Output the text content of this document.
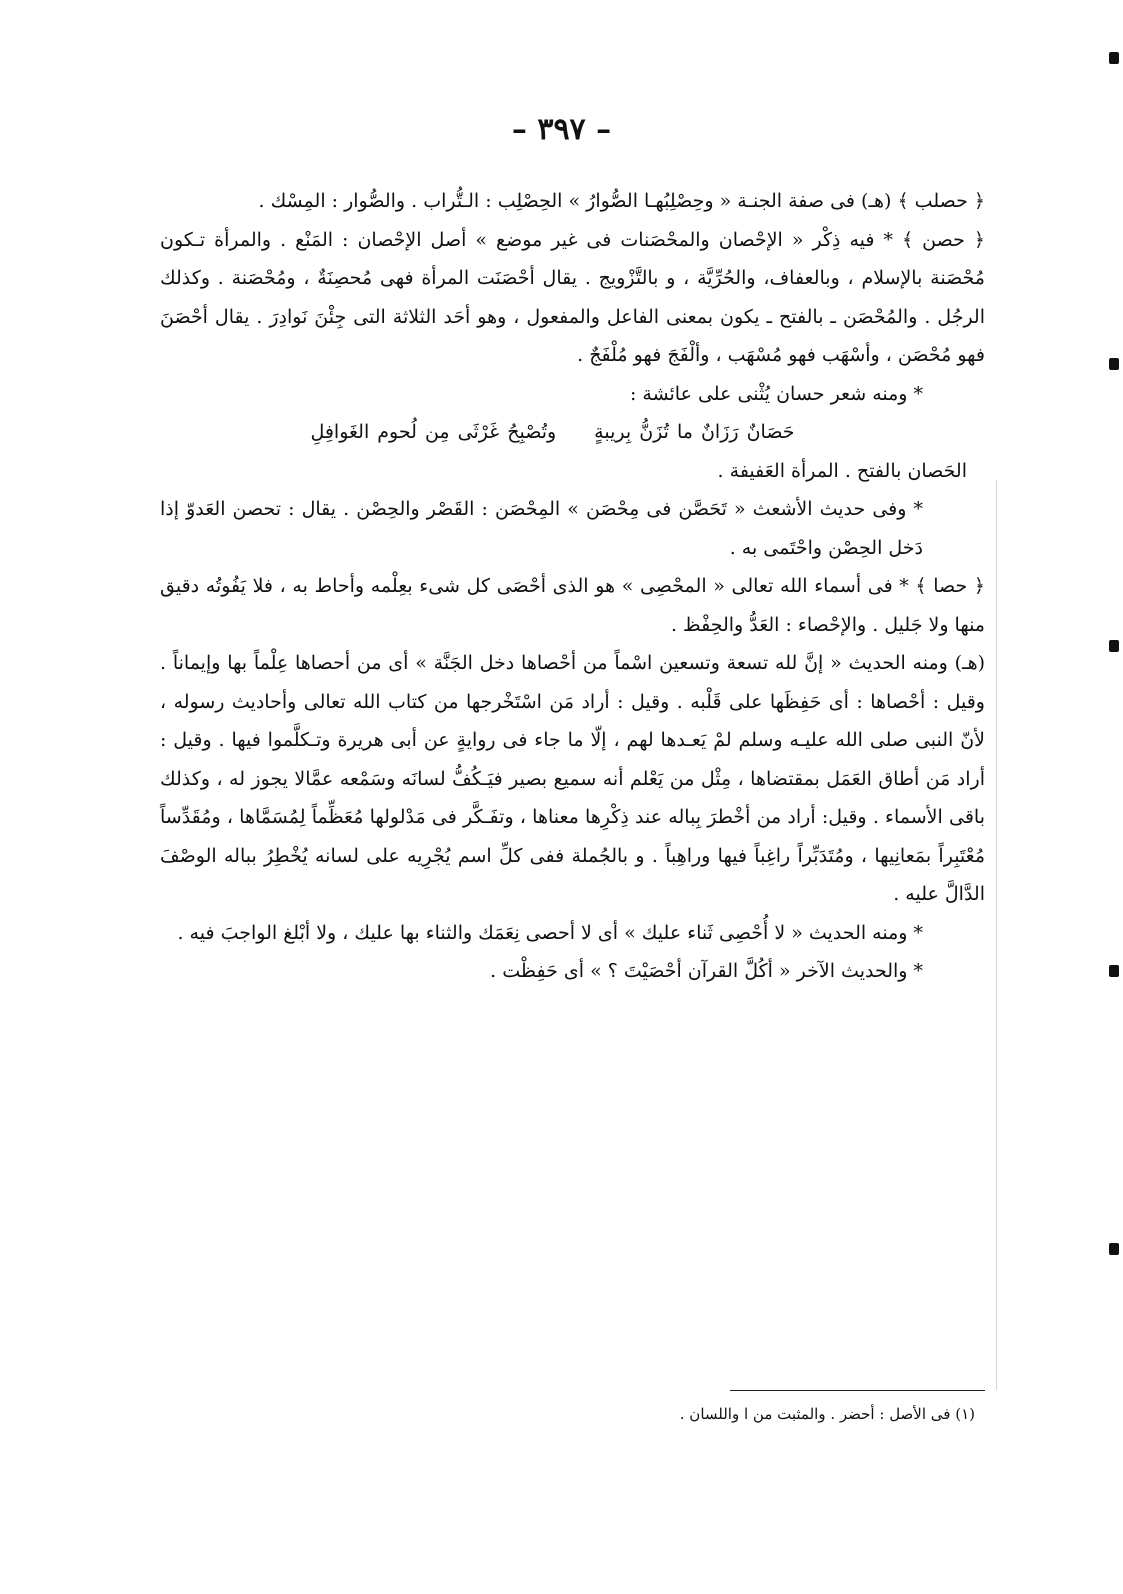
– ٣٩٧ –

﴿ حصلب ﴾ (هـ) فى صفة الجنـة « وحِصْلِبُهـا الصُّوارُ » الحِصْلِب : الـتُّراب . والصُّوار : المِسْك .

﴿ حصن ﴾ * فيه ذِكْر « الإحْصان والمحْصَنات فى غير موضع » أصل الإحْصان : المَنْع . والمرأة تـكون مُحْصَنة بالإسلام ، وبالعفاف، والحُرِّيَّة ، و بالتَّزْويج . يقال أحْصَنَت المرأة فهى مُحصِنَةٌ ، ومُحْصَنة . وكذلك الرجُل . والمُحْصَن ـ بالفتح ـ يكون بمعنى الفاعل والمفعول ، وهو أحَد الثلاثة التى جِئْنَ نَوادِرَ . يقال أحْصَنَ فهو مُحْصَن ، وأسْهَب فهو مُسْهَب ، وألْفَجَ فهو مُلْفَجٌ .

* ومنه شعر حسان يُثْنى على عائشة :

حَصَانٌ رَزَانٌ ما تُزَنُّ بِريبةٍوتُصْبِحُ غَرْثَى مِن لُحوم الغَوافِلِ

الحَصان بالفتح . المرأة العَفيفة .

* وفى حديث الأشعث « تَحَصَّن فى مِحْصَن » المِحْصَن : القَصْر والحِصْن . يقال : تحصن العَدوّ إذا دَخل الحِصْن واحْتَمى به .

﴿ حصا ﴾ * فى أسماء الله تعالى « المحْصِى » هو الذى أحْصَى كل شىء بعِلْمه وأحاط به ، فلا يَفُوتُه دقيق منها ولا جَليل . والإحْصاء : العَدُّ والحِفْظ .

(هـ) ومنه الحديث « إنَّ لله تسعة وتسعين اسْماً من أحْصاها دخل الجَنَّة » أى من أحصاها عِلْماً بها وإيماناً . وقيل : أحْصاها : أى حَفِظَها على قَلْبه . وقيل : أراد مَن اسْتَخْرجها من كتاب الله تعالى وأحاديث رسوله ، لأنّ النبى صلى الله عليـه وسلم لمْ يَعـدها لهم ، إلّا ما جاء فى روايةٍ عن أبى هريرة وتـكلَّموا فيها . وقيل : أراد مَن أطاق العَمَل بمقتضاها ، مِثْل من يَعْلم أنه سميع بصير فيَـكُفُّ لسانَه وسَمْعه عمَّالا يجوز له ، وكذلك باقى الأسماء . وقيل: أراد من أخْطرَ بِباله عند ذِكْرِها معناها ، وتفَـكَّر فى مَدْلولها مُعَظِّماً لِمُسَمَّاها ، ومُقَدِّساً مُعْتَبِراً بمَعانِيها ، ومُتَدَبِّراً راغِباً فيها وراهِباً . و بالجُملة ففى كلِّ اسم يُجْرِيه على لسانه يُخْطِرُ بباله الوصْفَ الدَّالَّ عليه .

* ومنه الحديث « لا أُحْصِى ثَناء عليك » أى لا أحصى نِعَمَك والثناء بها عليك ، ولا أبْلغ الواجبَ فيه .

* والحديث الآخر « أكُلَّ القرآن أحْصَيْتَ ؟ » أى حَفِظْت .

(١) فى الأصل : أحضر . والمثبت من ا واللسان .
